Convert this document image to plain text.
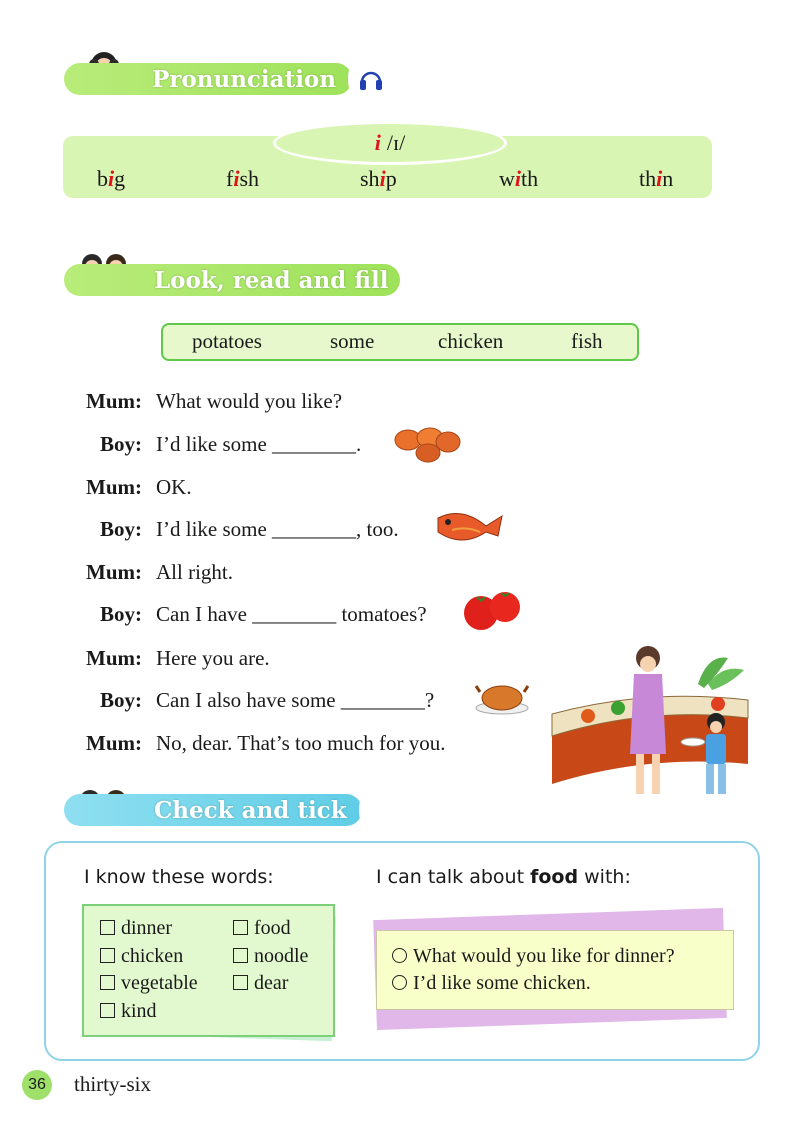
Pronunciation
i /ɪ/
big	fish	ship	with	thin
Look, read and fill
potatoes	some	chicken	fish
Mum: What would you like?
Boy: I’d like some ________.
Mum: OK.
Boy: I’d like some ________, too.
Mum: All right.
Boy: Can I have ________ tomatoes?
Mum: Here you are.
Boy: Can I also have some ________?
Mum: No, dear. That’s too much for you.
Check and tick
I know these words:	I can talk about food with:
dinner	food
chicken	noodle
vegetable	dear
kind
What would you like for dinner?
I’d like some chicken.
36 thirty-six
